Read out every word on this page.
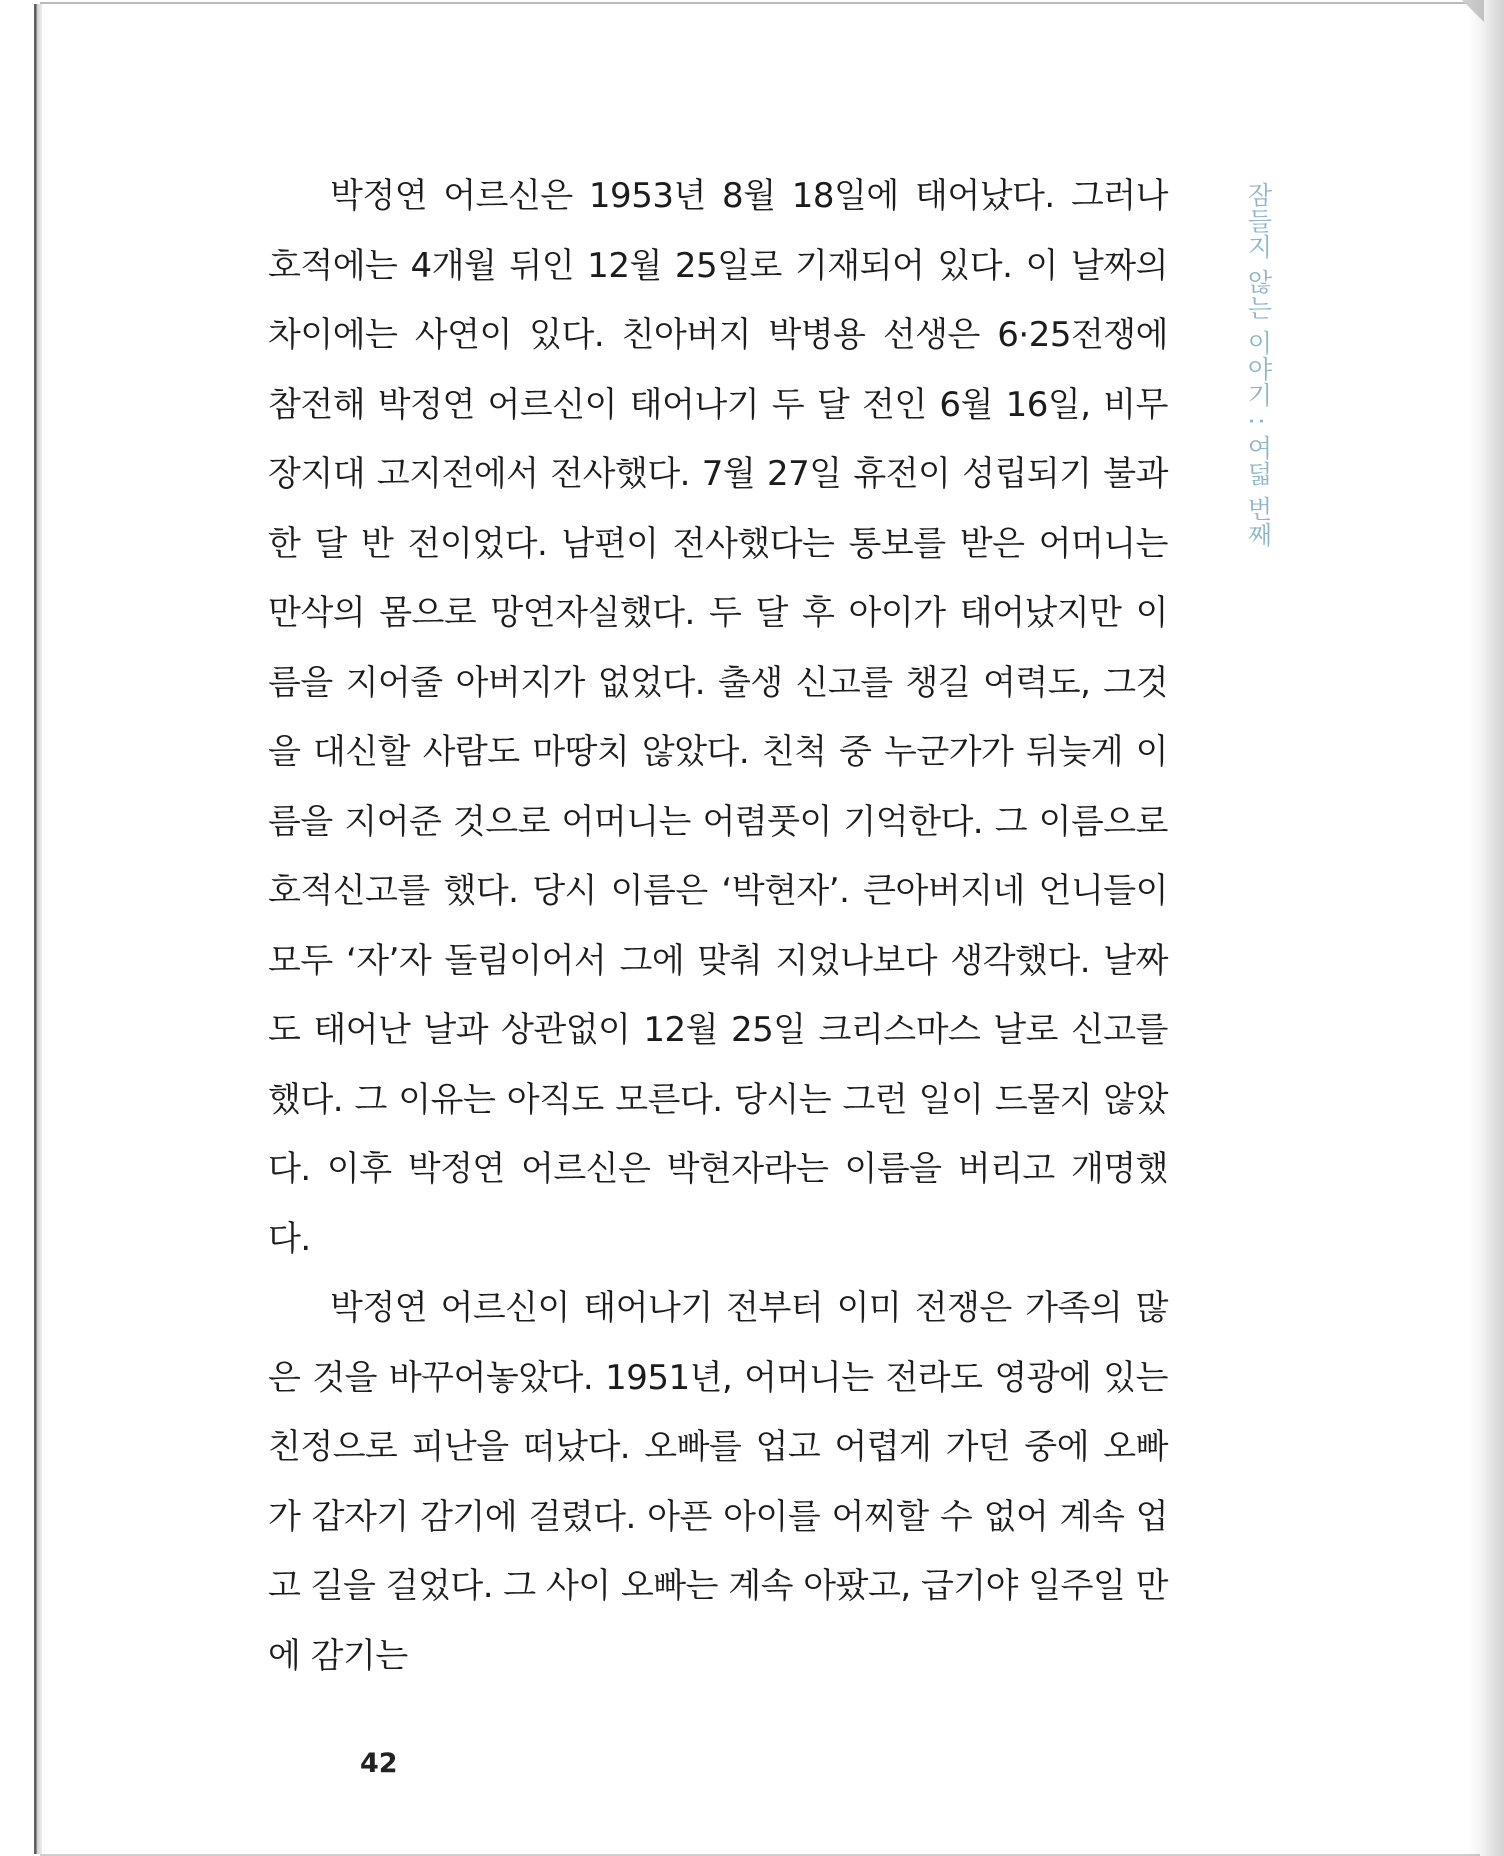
잠들지 않는 이야기 : 여덟 번째

박정연 어르신은 1953년 8월 18일에 태어났다. 그러나 호적에는 4개월 뒤인 12월 25일로 기재되어 있다. 이 날짜의 차이에는 사연이 있다. 친아버지 박병용 선생은 6·25전쟁에 참전해 박정연 어르신이 태어나기 두 달 전인 6월 16일, 비무장지대 고지전에서 전사했다. 7월 27일 휴전이 성립되기 불과 한 달 반 전이었다. 남편이 전사했다는 통보를 받은 어머니는 만삭의 몸으로 망연자실했다. 두 달 후 아이가 태어났지만 이름을 지어줄 아버지가 없었다. 출생 신고를 챙길 여력도, 그것을 대신할 사람도 마땅치 않았다. 친척 중 누군가가 뒤늦게 이름을 지어준 것으로 어머니는 어렴풋이 기억한다. 그 이름으로 호적신고를 했다. 당시 이름은 ‘박현자’. 큰아버지네 언니들이 모두 ‘자’자 돌림이어서 그에 맞춰 지었나보다 생각했다. 날짜도 태어난 날과 상관없이 12월 25일 크리스마스 날로 신고를 했다. 그 이유는 아직도 모른다. 당시는 그런 일이 드물지 않았다. 이후 박정연 어르신은 박현자라는 이름을 버리고 개명했다.

박정연 어르신이 태어나기 전부터 이미 전쟁은 가족의 많은 것을 바꾸어놓았다. 1951년, 어머니는 전라도 영광에 있는 친정으로 피난을 떠났다. 오빠를 업고 어렵게 가던 중에 오빠가 갑자기 감기에 걸렸다. 아픈 아이를 어찌할 수 없어 계속 업고 길을 걸었다. 그 사이 오빠는 계속 아팠고, 급기야 일주일 만에 감기는

42
